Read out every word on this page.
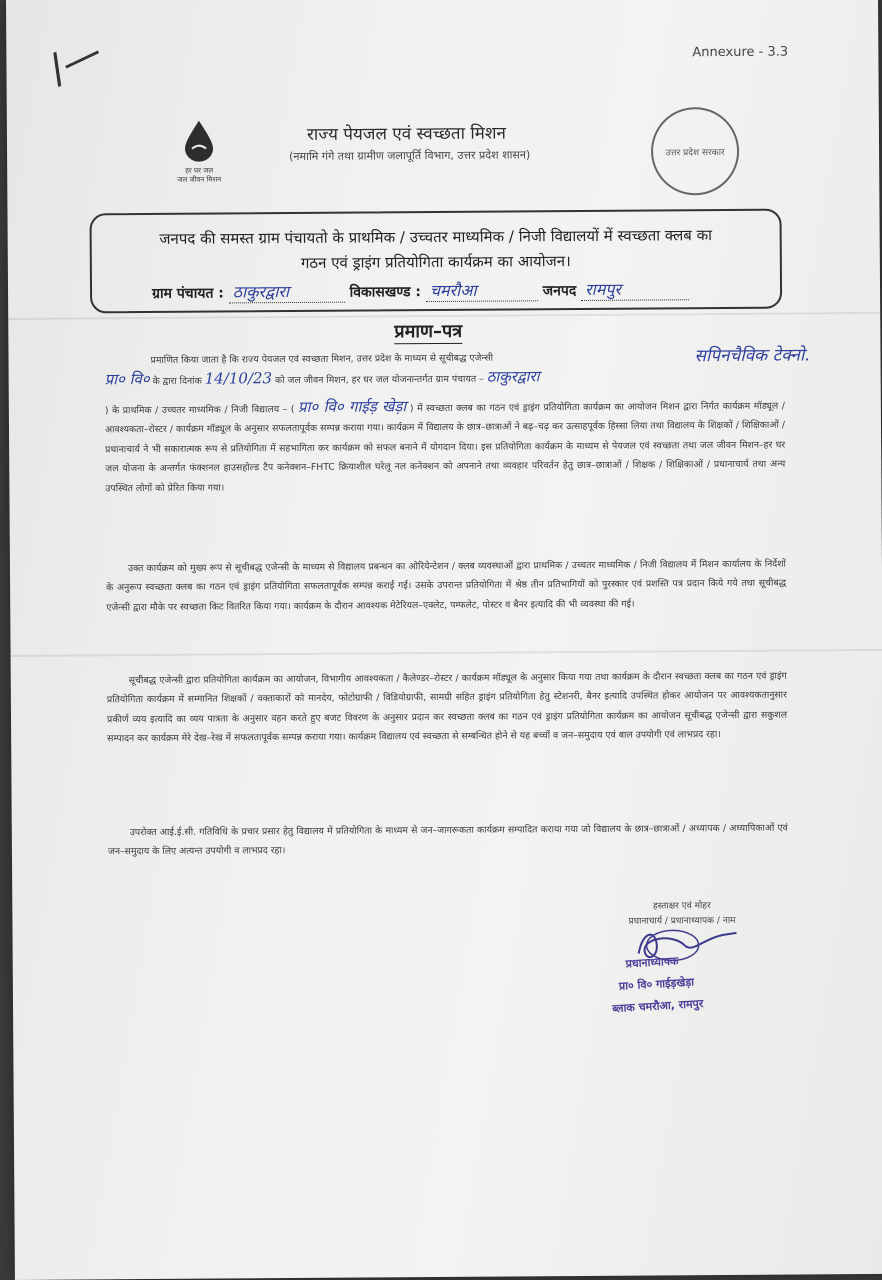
/—	Annexure - 3.3
हर घर जल
जल जीवन मिशन
उत्तर प्रदेश सरकार
राज्य पेयजल एवं स्वच्छता मिशन
(नमामि गंगे तथा ग्रामीण जलापूर्ति विभाग, उत्तर प्रदेश शासन)
जनपद की समस्त ग्राम पंचायतो के प्राथमिक / उच्चतर माध्यमिक / निजी विद्यालयों में स्वच्छता क्लब का
गठन एवं ड्राइंग प्रतियोगिता कार्यक्रम का आयोजन।
ग्राम पंचायत : ठाकुरद्वारा	विकासखण्ड : चमरौआ	जनपद रामपुर
प्रमाण–पत्र
सपिनचैविक टेक्नो.
प्रमाणित किया जाता है कि राज्य पेयजल एवं स्वच्छता मिशन, उत्तर प्रदेश के माध्यम से सूचीबद्ध एजेन्सी
प्रा० वि० के द्वारा दिनांक 14/10/23 को जल जीवन मिशन, हर घर जल योजनान्तर्गत ग्राम पंचायत – ठाकुरद्वारा
) के प्राथमिक / उच्चतर माध्यमिक / निजी विद्यालय – ( प्रा० वि० गाईड़ खेड़ा ) में स्वच्छता क्लब का गठन एवं ड्राइंग प्रतियोगिता कार्यक्रम का आयोजन मिशन द्वारा निर्गत कार्यक्रम मॉड्यूल / आवश्यकता–रोस्टर / कार्यक्रम मॉड्यूल के अनुसार सफलतापूर्वक सम्पन्न कराया गया। कार्यक्रम में विद्यालय के छात्र–छात्राओं ने बढ़–चढ़ कर उत्साहपूर्वक हिस्सा लिया तथा विद्यालय के शिक्षकों / शिक्षिकाओं / प्रधानाचार्य ने भी सकारात्मक रूप से प्रतियोगिता में सहभागिता कर कार्यक्रम को सफल बनाने में योगदान दिया। इस प्रतियोगिता कार्यक्रम के माध्यम से पेयजल एवं स्वच्छता तथा जल जीवन मिशन–हर घर जल योजना के अन्तर्गत फंक्शनल हाउसहोल्ड टैप कनेक्शन–FHTC क्रियाशील घरेलू नल कनेक्शन को अपनाने तथा व्यवहार परिवर्तन हेतु छात्र–छात्राओं / शिक्षक / शिक्षिकाओं / प्रधानाचार्य तथा अन्य उपस्थित लोगों को प्रेरित किया गया।
उक्त कार्यक्रम को मुख्य रूप से सूचीबद्ध एजेन्सी के माध्यम से विद्यालय प्रबन्धन का ओरियेन्टेशन / क्लब व्यवस्थाओं द्वारा प्राथमिक / उच्चतर माध्यमिक / निजी विद्यालय में मिशन कार्यालय के निर्देशों के अनुरूप स्वच्छता क्लब का गठन एवं ड्राइंग प्रतियोगिता सफलतापूर्वक सम्पन्न कराई गई। उसके उपरान्त प्रतियोगिता में श्रेष्ठ तीन प्रतिभागियों को पुरस्कार एवं प्रशस्ति पत्र प्रदान किये गये तथा सूचीबद्ध एजेन्सी द्वारा मौके पर स्वच्छता किट वितरित किया गया। कार्यक्रम के दौरान आवश्यक मेटेरियल–एक्लेट, पम्फलेट, पोस्टर व बैनर इत्यादि की भी व्यवस्था की गई।
सूचीबद्ध एजेन्सी द्वारा प्रतियोगिता कार्यक्रम का आयोजन, विभागीय आवश्यकता / कैलेण्डर–रोस्टर / कार्यक्रम मॉड्यूल के अनुसार किया गया तथा कार्यक्रम के दौरान स्वच्छता क्लब का गठन एवं ड्राइंग प्रतियोगिता कार्यक्रम में सम्मानित शिक्षकों / वक्ताकारों को मानदेय, फोटोग्राफी / विडियोग्राफी, सामग्री सहित ड्राइंग प्रतियोगिता हेतु स्टेशनरी, बैनर इत्यादि उपस्थित होकर आयोजन पर आवश्यकतानुसार प्रकीर्ण व्यय इत्यादि का व्यय पात्रता के अनुसार वहन करते हुए बजट विवरण के अनुसार प्रदान कर स्वच्छता क्लब का गठन एवं ड्राइंग प्रतियोगिता कार्यक्रम का आयोजन सूचीबद्ध एजेन्सी द्वारा सकुशल सम्पादन कर कार्यक्रम मेरे देख–रेख में सफलतापूर्वक सम्पन्न कराया गया। कार्यक्रम विद्यालय एवं स्वच्छता से सम्बन्धित होने से यह बच्चों व जन–समुदाय एवं बाल उपयोगी एवं लाभप्रद रहा।
उपरोक्त आई.ई.सी. गतिविधि के प्रचार प्रसार हेतु विद्यालय में प्रतियोगिता के माध्यम से जन–जागरूकता कार्यक्रम सम्पादित कराया गया जो विद्यालय के छात्र–छात्राओं / अध्यापक / अध्यापिकाओं एवं जन–समुदाय के लिए अत्यन्त उपयोगी व लाभप्रद रहा।
हस्ताक्षर एवं मोहर
प्रधानाचार्य / प्रधानाध्यापक / नाम
प्रधानाध्यापक
प्रा० वि० गाईड़खेड़ा
ब्लाक चमरौआ, रामपुर
